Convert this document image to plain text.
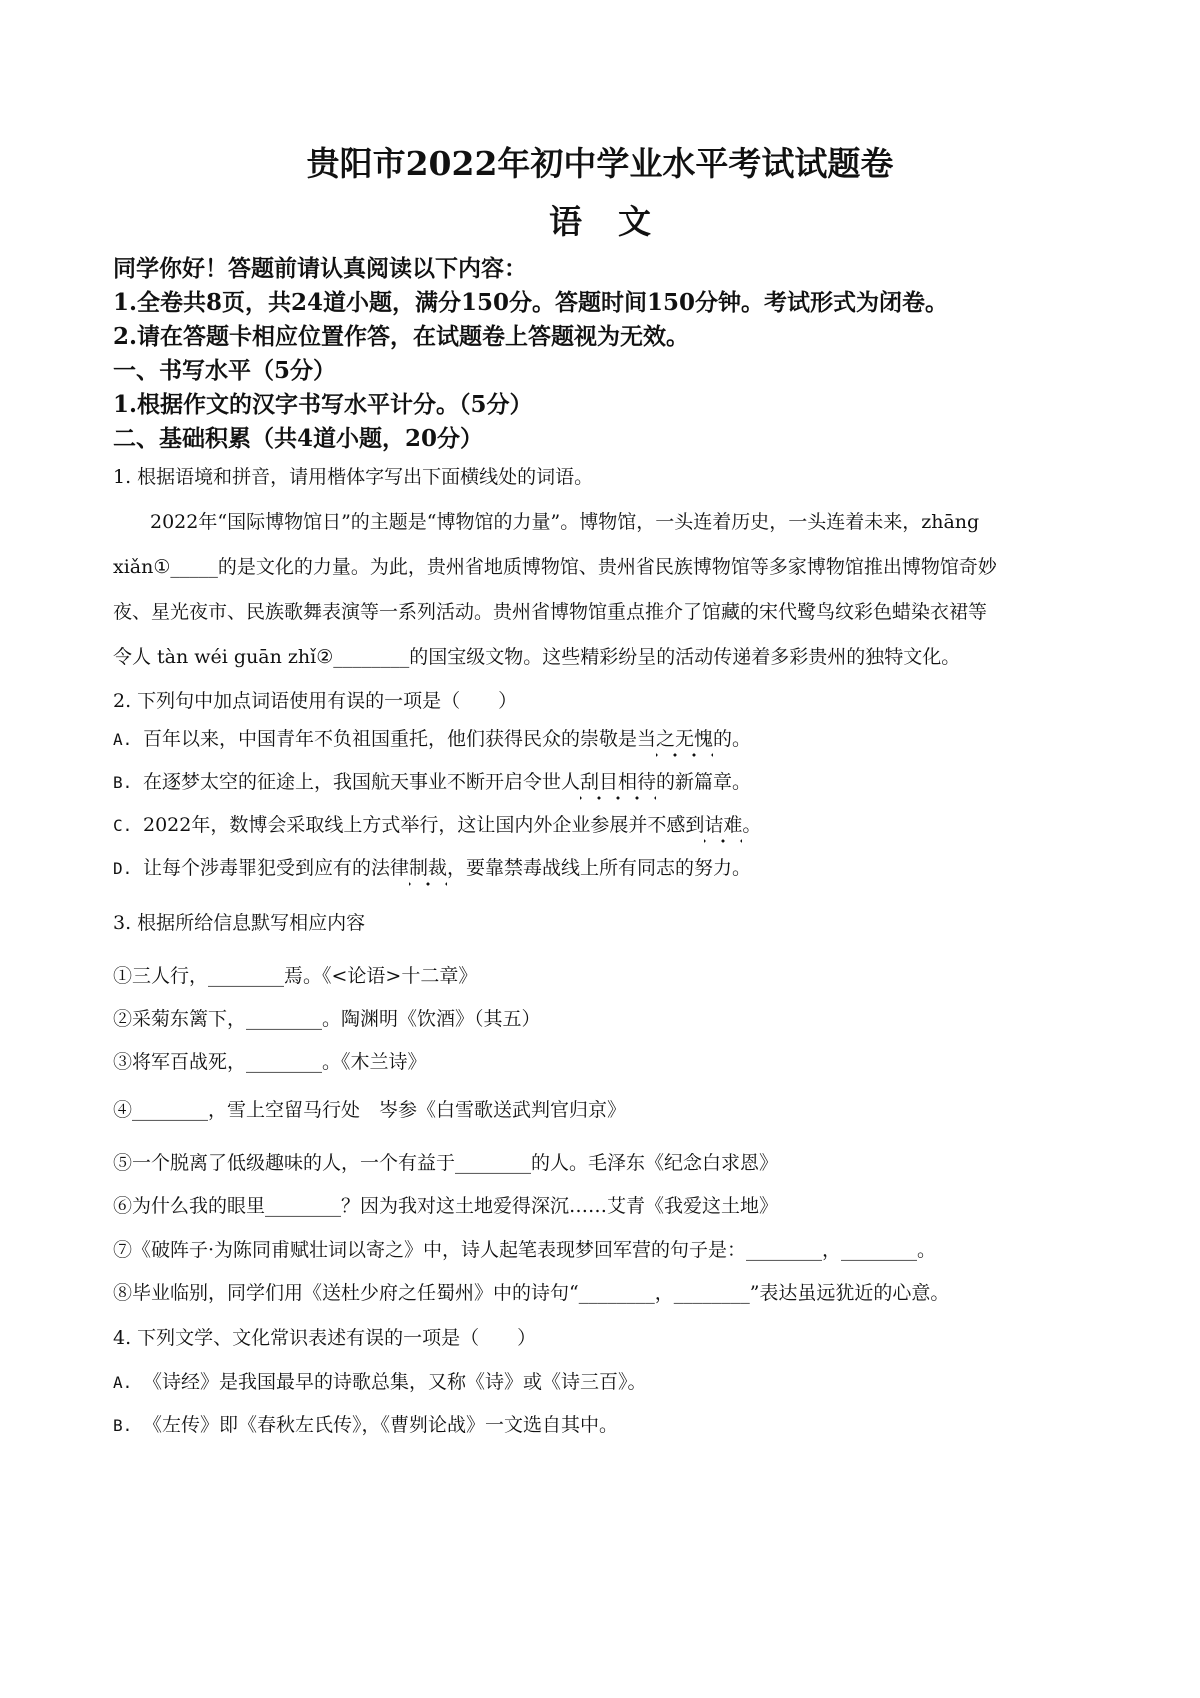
贵阳市2022年初中学业水平考试试题卷
语 文
同学你好！答题前请认真阅读以下内容：
1.全卷共8页，共24道小题，满分150分。答题时间150分钟。考试形式为闭卷。
2.请在答题卡相应位置作答，在试题卷上答题视为无效。
一、书写水平（5分）
1.根据作文的汉字书写水平计分。（5分）
二、基础积累（共4道小题，20分）
1. 根据语境和拼音，请用楷体字写出下面横线处的词语。
2022年“国际博物馆日”的主题是“博物馆的力量”。博物馆，一头连着历史，一头连着未来，zhāng
xiǎn①_____的是文化的力量。为此，贵州省地质博物馆、贵州省民族博物馆等多家博物馆推出博物馆奇妙
夜、星光夜市、民族歌舞表演等一系列活动。贵州省博物馆重点推介了馆藏的宋代鹭鸟纹彩色蜡染衣裙等
令人 tàn wéi guān zhǐ②________的国宝级文物。这些精彩纷呈的活动传递着多彩贵州的独特文化。
2. 下列句中加点词语使用有误的一项是（　　）
A. 百年以来，中国青年不负祖国重托，他们获得民众的崇敬是当之无愧的。
B. 在逐梦太空的征途上，我国航天事业不断开启令世人刮目相待的新篇章。
C. 2022年，数博会采取线上方式举行，这让国内外企业参展并不感到诘难。
D. 让每个涉毒罪犯受到应有的法律制裁，要靠禁毒战线上所有同志的努力。
3. 根据所给信息默写相应内容
①三人行，________焉。《<论语>十二章》
②采菊东篱下，________。陶渊明《饮酒》（其五）
③将军百战死，________。《木兰诗》
④________，雪上空留马行处　岑参《白雪歌送武判官归京》
⑤一个脱离了低级趣味的人，一个有益于________的人。毛泽东《纪念白求恩》
⑥为什么我的眼里________？因为我对这土地爱得深沉……艾青《我爱这土地》
⑦《破阵子·为陈同甫赋壮词以寄之》中，诗人起笔表现梦回军营的句子是：________，________。
⑧毕业临别，同学们用《送杜少府之任蜀州》中的诗句“________，________”表达虽远犹近的心意。
4. 下列文学、文化常识表述有误的一项是（　　）
A. 《诗经》是我国最早的诗歌总集，又称《诗》或《诗三百》。
B. 《左传》即《春秋左氏传》，《曹刿论战》一文选自其中。
